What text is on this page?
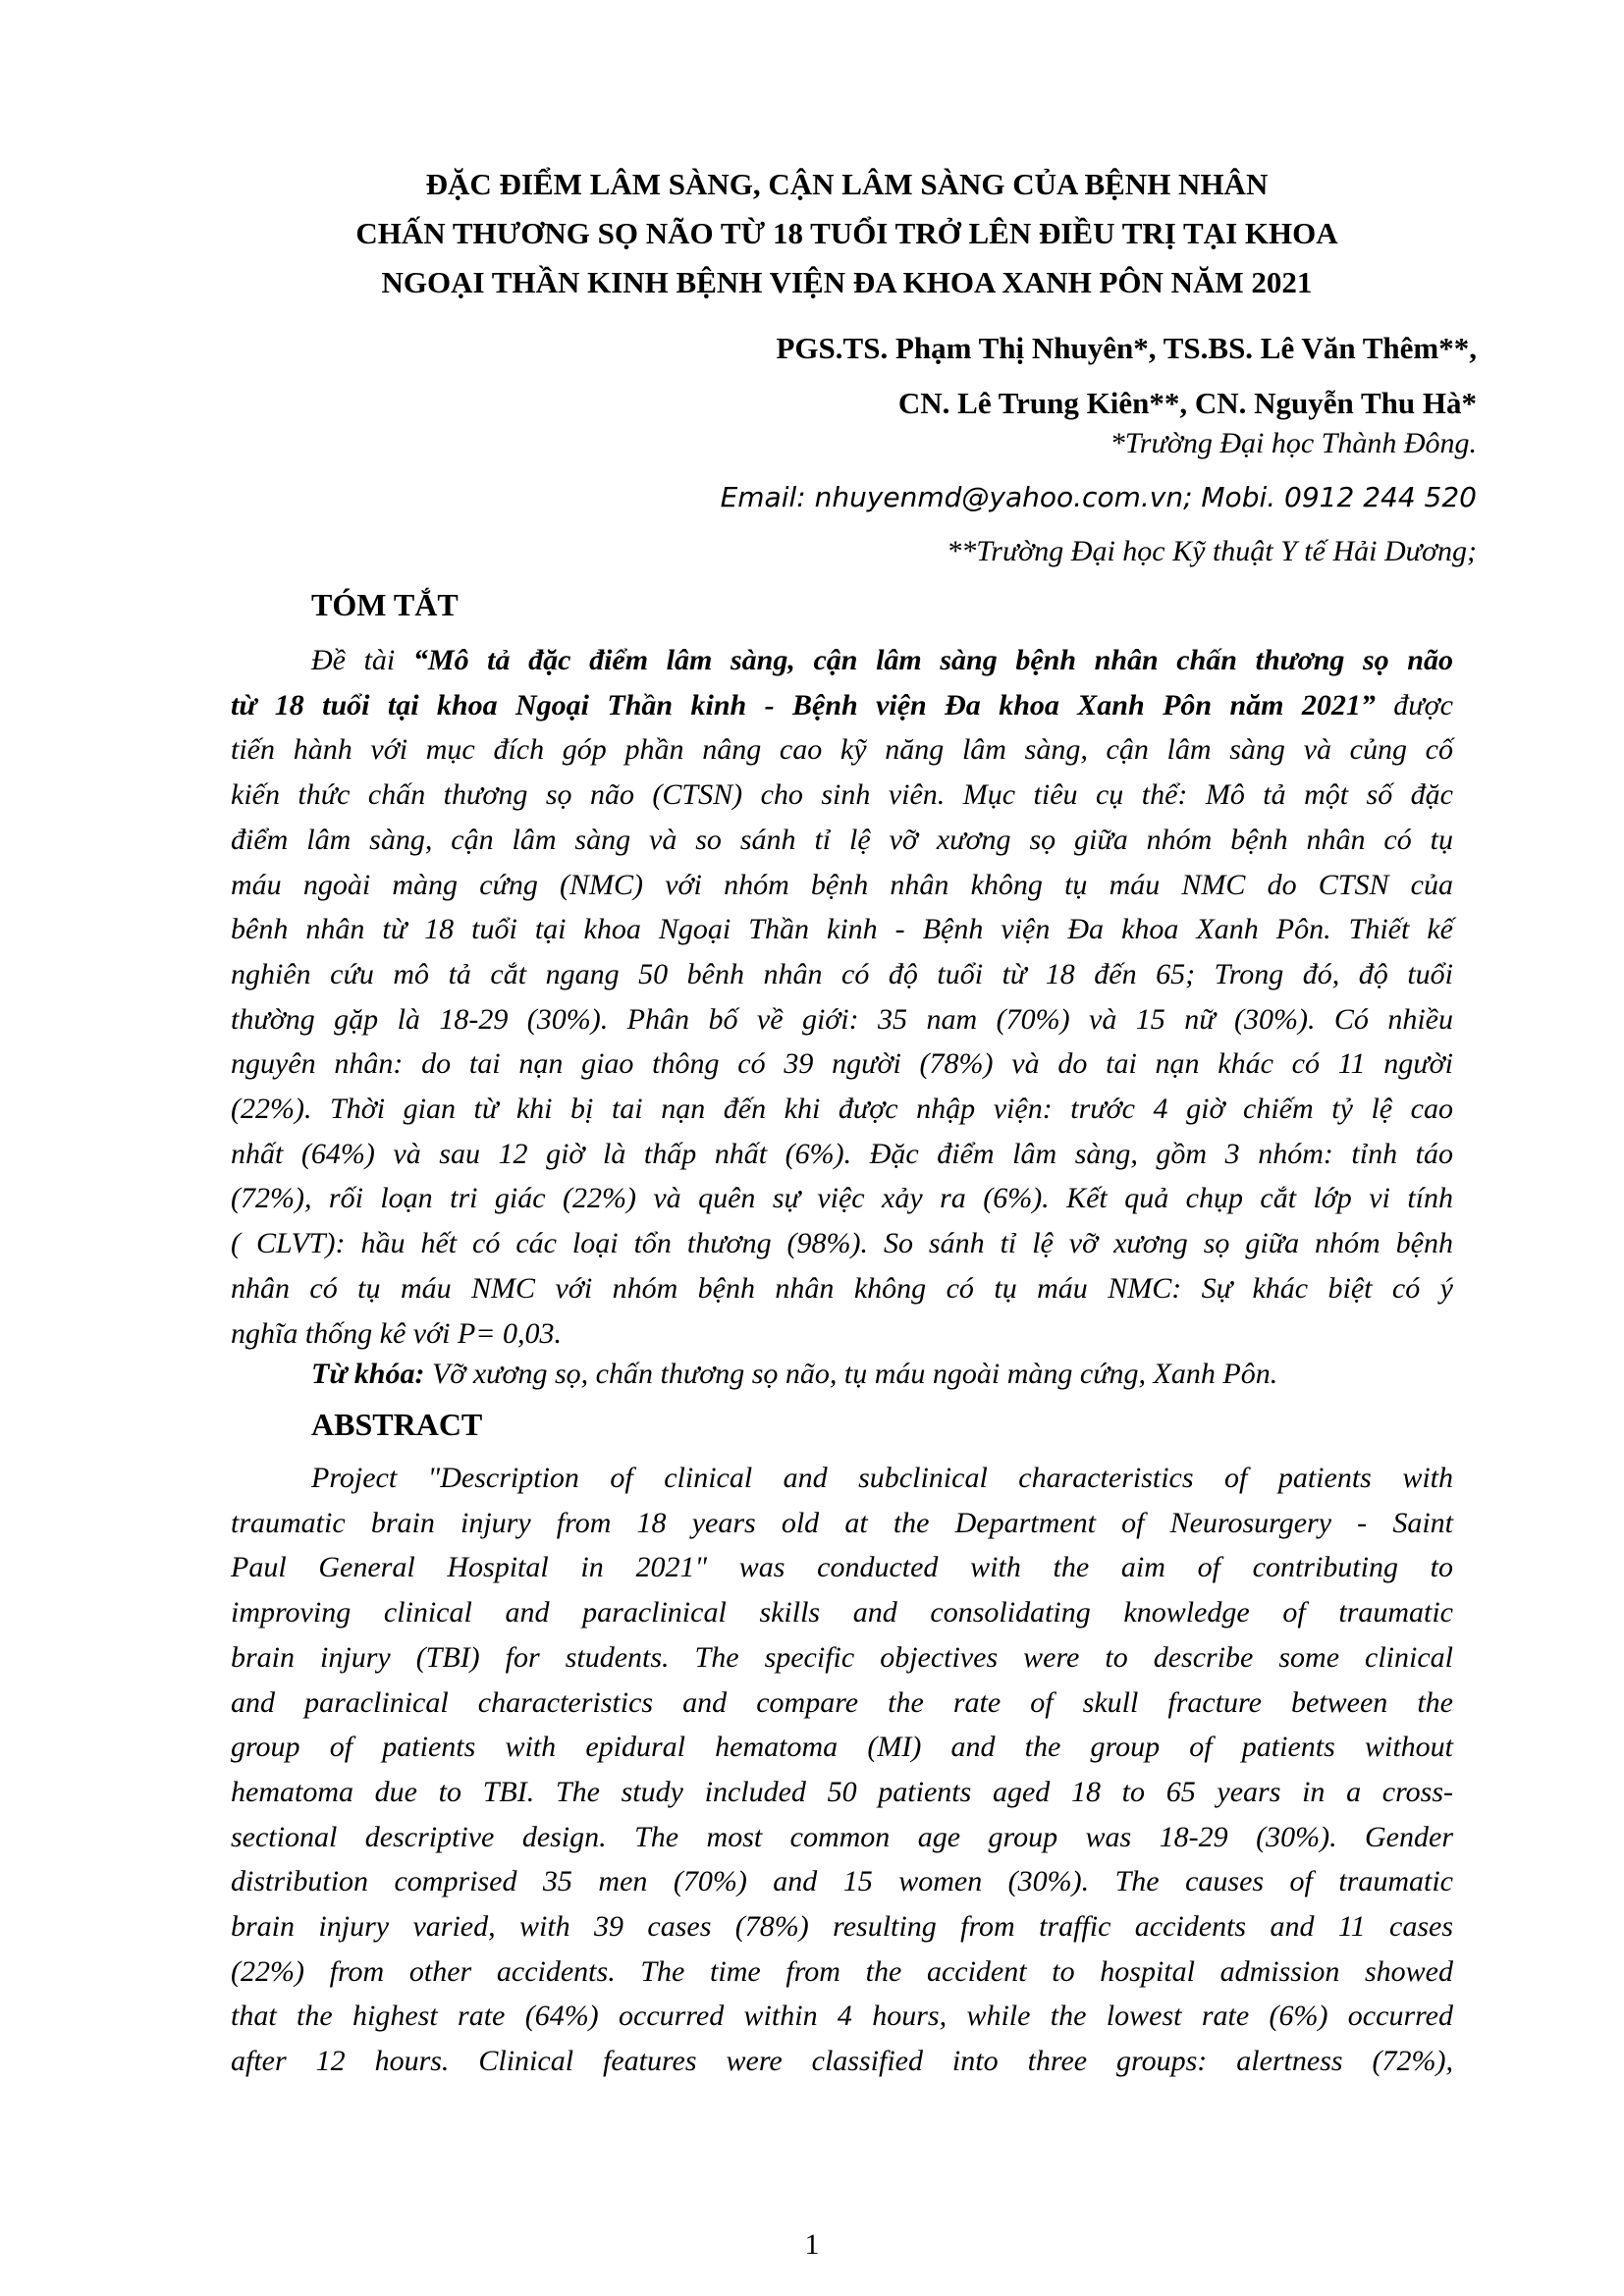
ĐẶC ĐIỂM LÂM SÀNG, CẬN LÂM SÀNG CỦA BỆNH NHÂN
CHẤN THƯƠNG SỌ NÃO TỪ 18 TUỔI TRỞ LÊN ĐIỀU TRỊ TẠI KHOA
NGOẠI THẦN KINH BỆNH VIỆN ĐA KHOA XANH PÔN NĂM 2021
PGS.TS. Phạm Thị Nhuyên*, TS.BS. Lê Văn Thêm**,
CN. Lê Trung Kiên**, CN. Nguyễn Thu Hà*
*Trường Đại học Thành Đông.
Email: nhuyenmd@yahoo.com.vn; Mobi. 0912 244 520
**Trường Đại học Kỹ thuật Y tế Hải Dương;
TÓM TẮT
Đề tài “Mô tả đặc điểm lâm sàng, cận lâm sàng bệnh nhân chấn thương sọ não
từ 18 tuổi tại khoa Ngoại Thần kinh - Bệnh viện Đa khoa Xanh Pôn năm 2021” được
tiến hành với mục đích góp phần nâng cao kỹ năng lâm sàng, cận lâm sàng và củng cố
kiến thức chấn thương sọ não (CTSN) cho sinh viên. Mục tiêu cụ thể: Mô tả một số đặc
điểm lâm sàng, cận lâm sàng và so sánh tỉ lệ vỡ xương sọ giữa nhóm bệnh nhân có tụ
máu ngoài màng cứng (NMC) với nhóm bệnh nhân không tụ máu NMC do CTSN của
bênh nhân từ 18 tuổi tại khoa Ngoại Thần kinh - Bệnh viện Đa khoa Xanh Pôn. Thiết kế
nghiên cứu mô tả cắt ngang 50 bênh nhân có độ tuổi từ 18 đến 65; Trong đó, độ tuổi
thường gặp là 18-29 (30%). Phân bố về giới: 35 nam (70%) và 15 nữ (30%). Có nhiều
nguyên nhân: do tai nạn giao thông có 39 người (78%) và do tai nạn khác có 11 người
(22%). Thời gian từ khi bị tai nạn đến khi được nhập viện: trước 4 giờ chiếm tỷ lệ cao
nhất (64%) và sau 12 giờ là thấp nhất (6%). Đặc điểm lâm sàng, gồm 3 nhóm: tỉnh táo
(72%), rối loạn tri giác (22%) và quên sự việc xảy ra (6%). Kết quả chụp cắt lớp vi tính
( CLVT): hầu hết có các loại tổn thương (98%). So sánh tỉ lệ vỡ xương sọ giữa nhóm bệnh
nhân có tụ máu NMC với nhóm bệnh nhân không có tụ máu NMC: Sự khác biệt có ý
nghĩa thống kê với P= 0,03.
Từ khóa: Vỡ xương sọ, chấn thương sọ não, tụ máu ngoài màng cứng, Xanh Pôn.
ABSTRACT
Project "Description of clinical and subclinical characteristics of patients with
traumatic brain injury from 18 years old at the Department of Neurosurgery - Saint
Paul General Hospital in 2021" was conducted with the aim of contributing to
improving clinical and paraclinical skills and consolidating knowledge of traumatic
brain injury (TBI) for students. The specific objectives were to describe some clinical
and paraclinical characteristics and compare the rate of skull fracture between the
group of patients with epidural hematoma (MI) and the group of patients without
hematoma due to TBI. The study included 50 patients aged 18 to 65 years in a cross-
sectional descriptive design. The most common age group was 18-29 (30%). Gender
distribution comprised 35 men (70%) and 15 women (30%). The causes of traumatic
brain injury varied, with 39 cases (78%) resulting from traffic accidents and 11 cases
(22%) from other accidents. The time from the accident to hospital admission showed
that the highest rate (64%) occurred within 4 hours, while the lowest rate (6%) occurred
after 12 hours. Clinical features were classified into three groups: alertness (72%),
1
